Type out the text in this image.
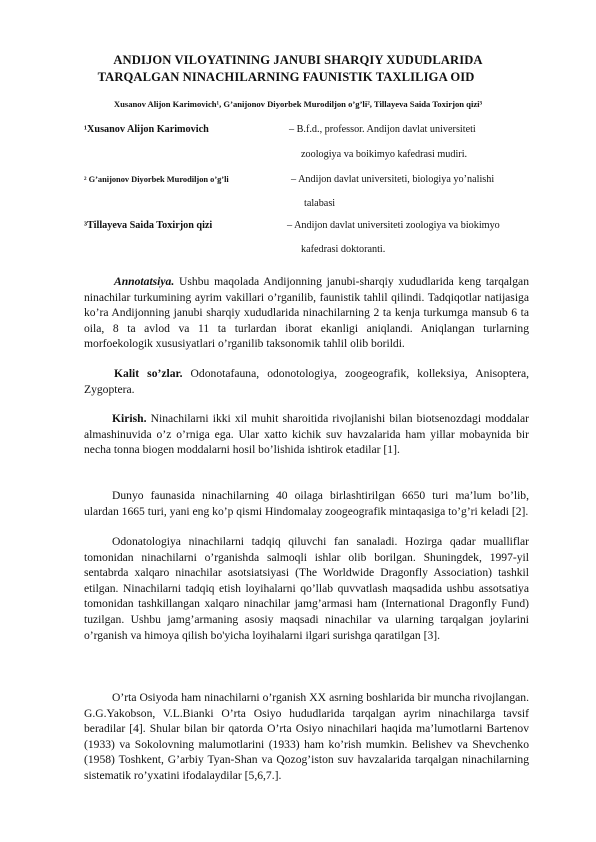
ANDIJON VILOYATINING JANUBI SHARQIY XUDUDLARIDA
TARQALGAN NINACHILARNING FAUNISTIK TAXLILIGA OID
Xusanov Alijon Karimovich¹, G’anijonov Diyorbek Murodiljon o’g’li², Tillayeva Saida Toxirjon qizi³
¹Xusanov Alijon Karimovich	– B.f.d., professor. Andijon davlat universiteti
zoologiya va boikimyo kafedrasi mudiri.
² G’anijonov Diyorbek Murodiljon o’g’li	– Andijon davlat universiteti, biologiya yo’nalishi
talabasi
³Tillayeva Saida Toxirjon qizi	– Andijon davlat universiteti zoologiya va biokimyo
kafedrasi doktoranti.
Annotatsiya. Ushbu maqolada Andijonning janubi-sharqiy xududlarida keng tarqalgan ninachilar turkumining ayrim vakillari o’rganilib, faunistik tahlil qilindi. Tadqiqotlar natijasiga ko’ra Andijonning janubi sharqiy xududlarida ninachilarning 2 ta kenja turkumga mansub 6 ta oila, 8 ta avlod va 11 ta turlardan iborat ekanligi aniqlandi. Aniqlangan turlarning morfoekologik xususiyatlari o’rganilib taksonomik tahlil olib borildi.
Kalit so’zlar. Odonotafauna, odonotologiya, zoogeografik, kolleksiya, Anisoptera, Zygoptera.
Kirish. Ninachilarni ikki xil muhit sharoitida rivojlanishi bilan biotsenozdagi moddalar almashinuvida o’z o’rniga ega. Ular xatto kichik suv havzalarida ham yillar mobaynida bir necha tonna biogen moddalarni hosil bo’lishida ishtirok etadilar [1].
Dunyo faunasida ninachilarning 40 oilaga birlashtirilgan 6650 turi ma’lum bo’lib, ulardan 1665 turi, yani eng ko’p qismi Hindomalay zoogeografik mintaqasiga to’g’ri keladi [2].
Odonatologiya ninachilarni tadqiq qiluvchi fan sanaladi. Hozirga qadar mualliflar tomonidan ninachilarni o’rganishda salmoqli ishlar olib borilgan. Shuningdek, 1997-yil sentabrda xalqaro ninachilar asotsiatsiyasi (The Worldwide Dragonfly Association) tashkil etilgan. Ninachilarni tadqiq etish loyihalarni qo’llab quvvatlash maqsadida ushbu assotsatiya tomonidan tashkillangan xalqaro ninachilar jamg’armasi ham (International Dragonfly Fund) tuzilgan. Ushbu jamg’armaning asosiy maqsadi ninachilar va ularning tarqalgan joylarini o’rganish va himoya qilish bo'yicha loyihalarni ilgari surishga qaratilgan [3].
O’rta Osiyoda ham ninachilarni o’rganish XX asrning boshlarida bir muncha rivojlangan. G.G.Yakobson, V.L.Bianki O’rta Osiyo hududlarida tarqalgan ayrim ninachilarga tavsif beradilar [4]. Shular bilan bir qatorda O’rta Osiyo ninachilari haqida ma’lumotlarni Bartenov (1933) va Sokolovning malumotlarini (1933) ham ko’rish mumkin. Belishev va Shevchenko (1958) Toshkent, G’arbiy Tyan-Shan va Qozog’iston suv havzalarida tarqalgan ninachilarning sistematik ro’yxatini ifodalaydilar [5,6,7.].
